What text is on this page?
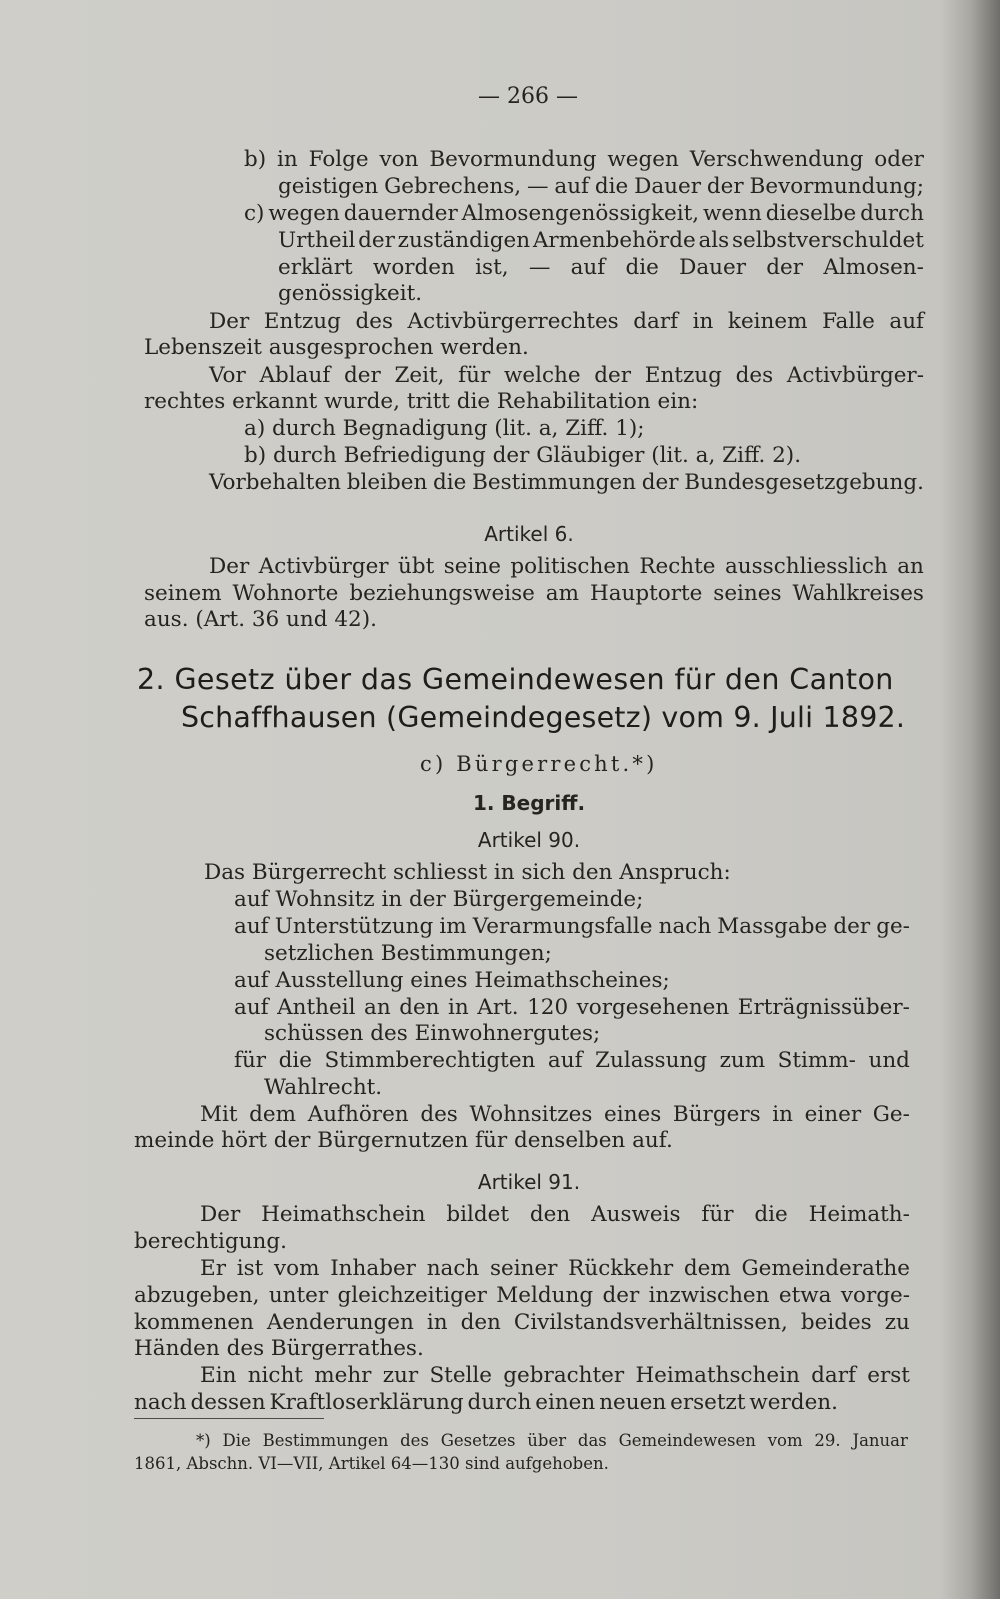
— 266 —
b) in Folge von Bevormundung wegen Verschwendung oder
geistigen Gebrechens, — auf die Dauer der Bevormundung;
c) wegen dauernder Almosengenössigkeit, wenn dieselbe durch
Urtheil der zuständigen Armenbehörde als selbstverschuldet
erklärt worden ist, — auf die Dauer der Almosen-
genössigkeit.
Der Entzug des Activbürgerrechtes darf in keinem Falle auf
Lebenszeit ausgesprochen werden.
Vor Ablauf der Zeit, für welche der Entzug des Activbürger-
rechtes erkannt wurde, tritt die Rehabilitation ein:
a) durch Begnadigung (lit. a, Ziff. 1);
b) durch Befriedigung der Gläubiger (lit. a, Ziff. 2).
Vorbehalten bleiben die Bestimmungen der Bundesgesetzgebung.
Artikel 6.
Der Activbürger übt seine politischen Rechte ausschliesslich an
seinem Wohnorte beziehungsweise am Hauptorte seines Wahlkreises
aus. (Art. 36 und 42).
2. Gesetz über das Gemeindewesen für den Canton
Schaffhausen (Gemeindegesetz) vom 9. Juli 1892.
c) Bürgerrecht.*)
1. Begriff.
Artikel 90.
Das Bürgerrecht schliesst in sich den Anspruch:
auf Wohnsitz in der Bürgergemeinde;
auf Unterstützung im Verarmungsfalle nach Massgabe der ge-
setzlichen Bestimmungen;
auf Ausstellung eines Heimathscheines;
auf Antheil an den in Art. 120 vorgesehenen Erträgnissüber-
schüssen des Einwohnergutes;
für die Stimmberechtigten auf Zulassung zum Stimm- und
Wahlrecht.
Mit dem Aufhören des Wohnsitzes eines Bürgers in einer Ge-
meinde hört der Bürgernutzen für denselben auf.
Artikel 91.
Der Heimathschein bildet den Ausweis für die Heimath-
berechtigung.
Er ist vom Inhaber nach seiner Rückkehr dem Gemeinderathe
abzugeben, unter gleichzeitiger Meldung der inzwischen etwa vorge-
kommenen Aenderungen in den Civilstandsverhältnissen, beides zu
Händen des Bürgerrathes.
Ein nicht mehr zur Stelle gebrachter Heimathschein darf erst
nach dessen Kraftloserklärung durch einen neuen ersetzt werden.
*) Die Bestimmungen des Gesetzes über das Gemeindewesen vom 29. Januar
1861, Abschn. VI—VII, Artikel 64—130 sind aufgehoben.
